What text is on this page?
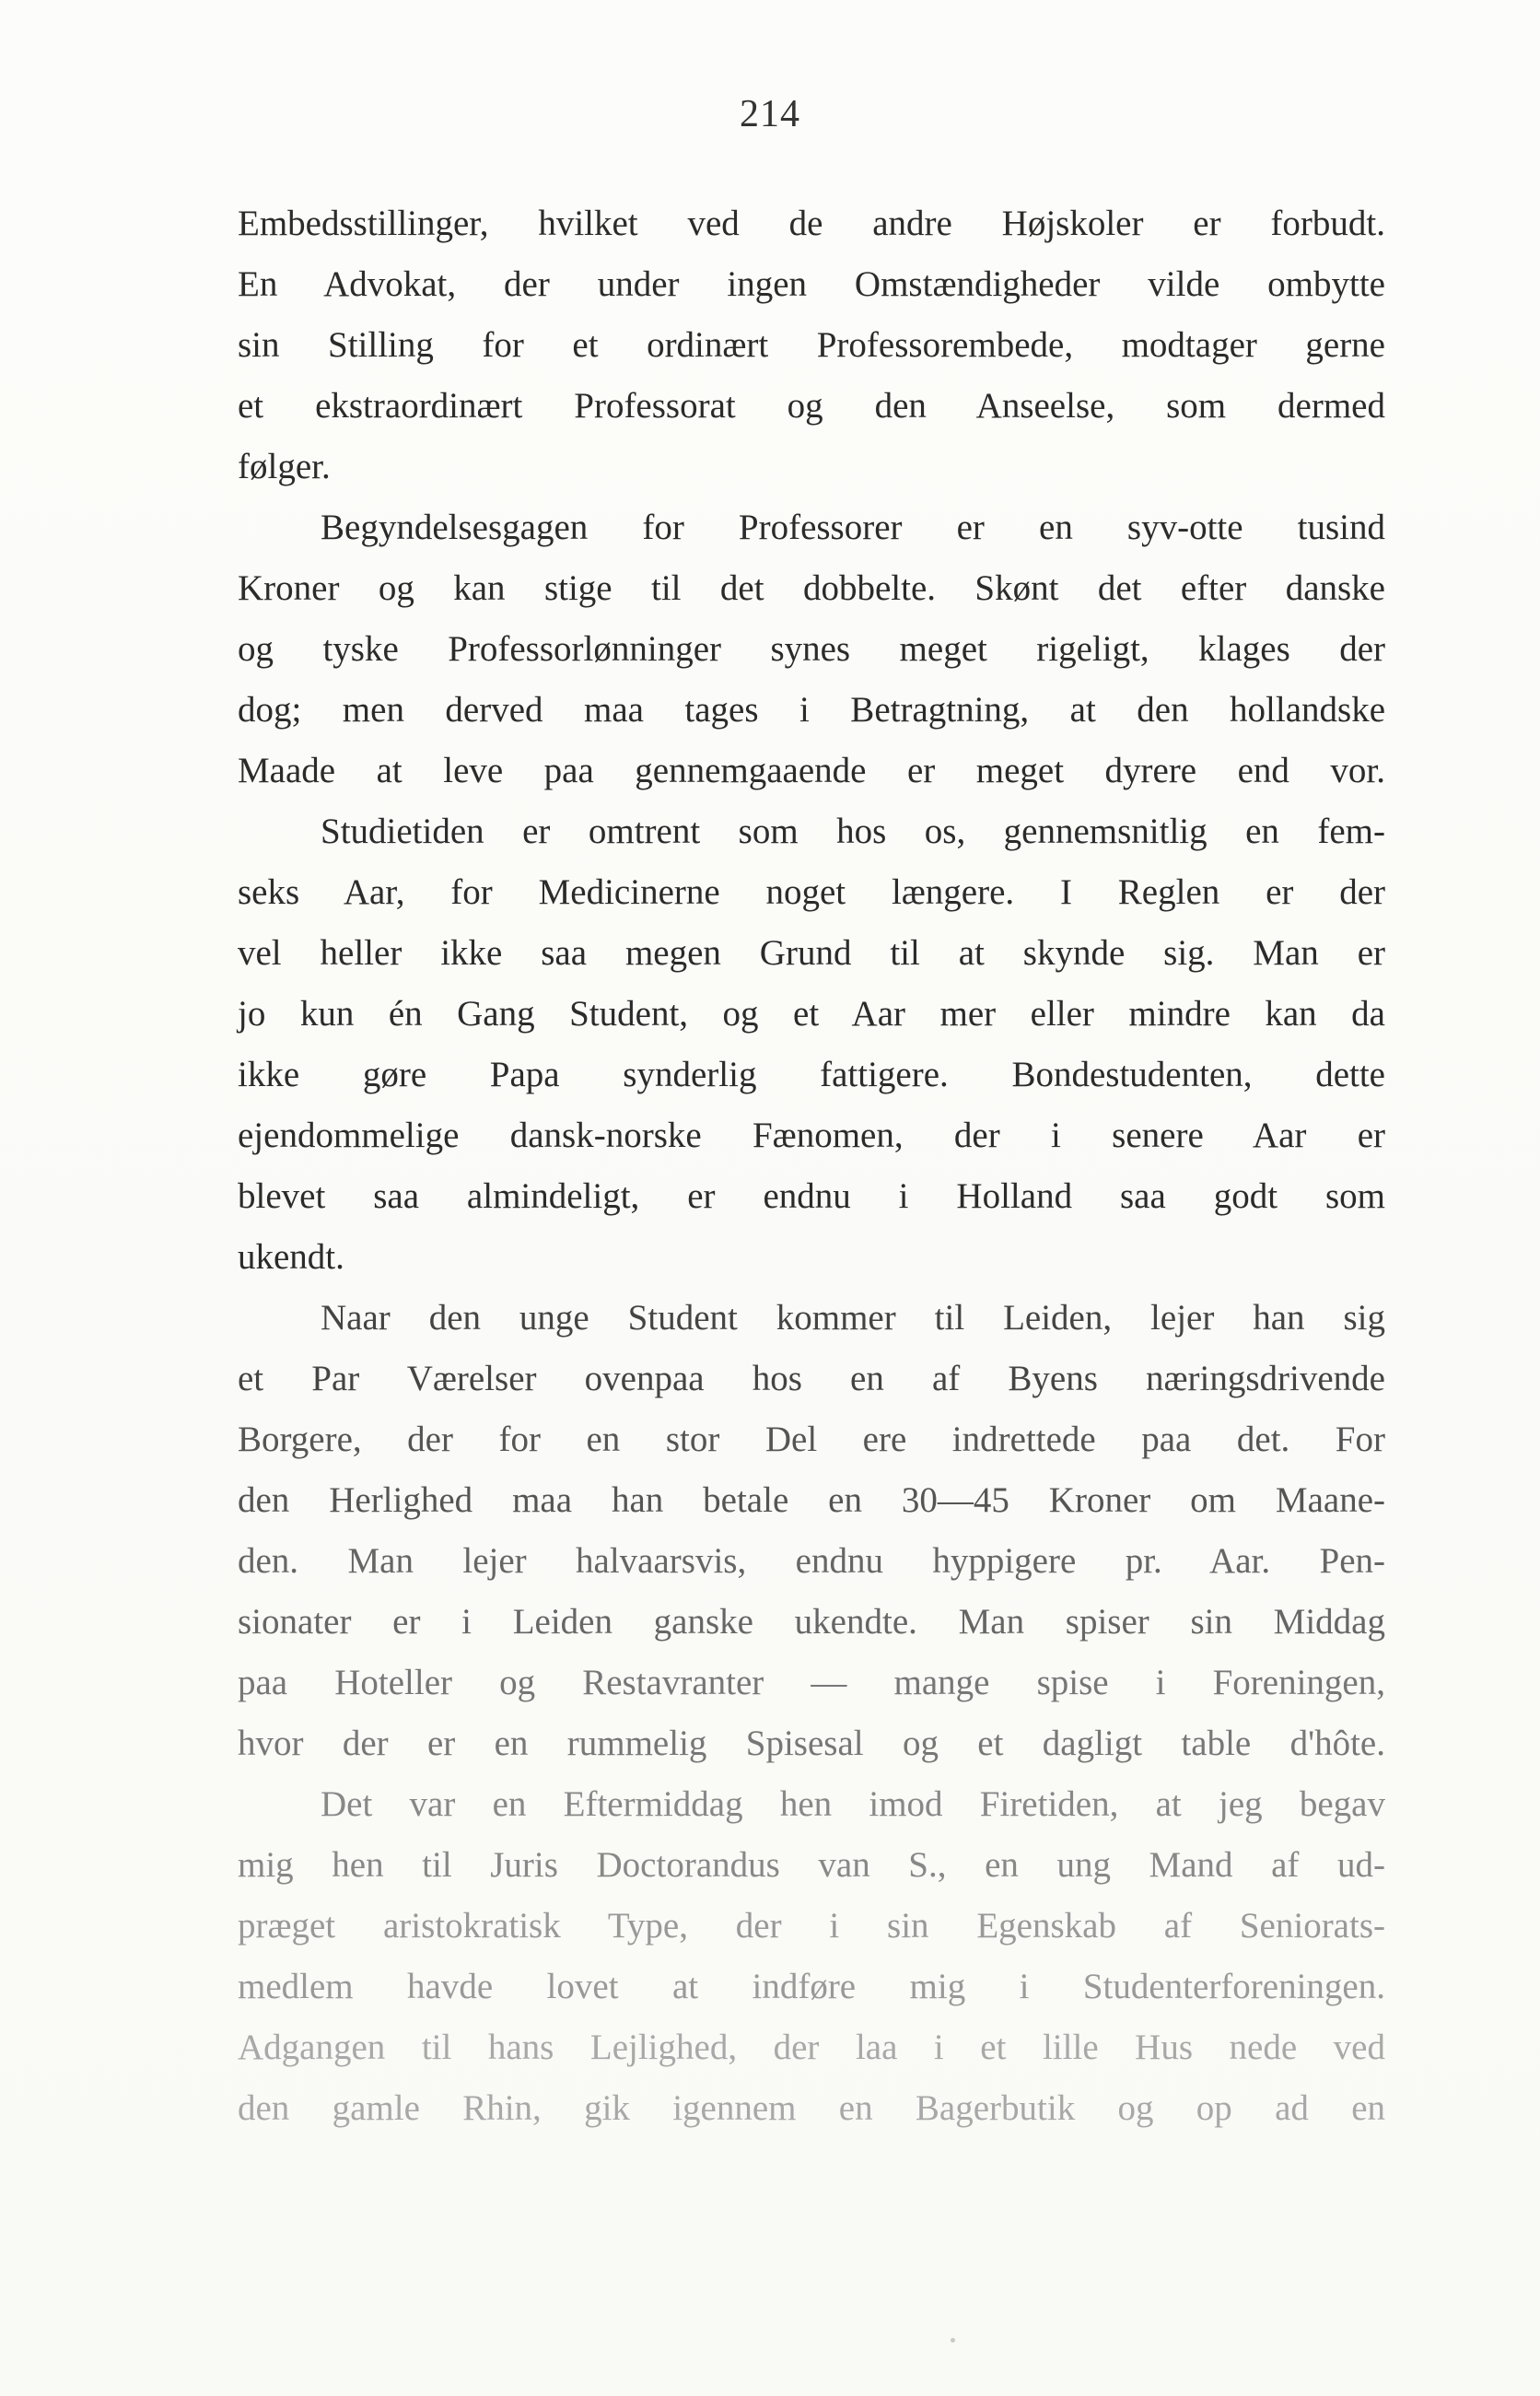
214
Embedsstillinger, hvilket ved de andre Højskoler er forbudt.
En Advokat, der under ingen Omstændigheder vilde ombytte
sin Stilling for et ordinært Professorembede, modtager gerne
et ekstraordinært Professorat og den Anseelse, som dermed
følger.
Begyndelsesgagen for Professorer er en syv-otte tusind
Kroner og kan stige til det dobbelte. Skønt det efter danske
og tyske Professorlønninger synes meget rigeligt, klages der
dog; men derved maa tages i Betragtning, at den hollandske
Maade at leve paa gennemgaaende er meget dyrere end vor.
Studietiden er omtrent som hos os, gennemsnitlig en fem-
seks Aar, for Medicinerne noget længere. I Reglen er der
vel heller ikke saa megen Grund til at skynde sig. Man er
jo kun én Gang Student, og et Aar mer eller mindre kan da
ikke gøre Papa synderlig fattigere. Bondestudenten, dette
ejendommelige dansk-norske Fænomen, der i senere Aar er
blevet saa almindeligt, er endnu i Holland saa godt som
ukendt.
Naar den unge Student kommer til Leiden, lejer han sig
et Par Værelser ovenpaa hos en af Byens næringsdrivende
Borgere, der for en stor Del ere indrettede paa det. For
den Herlighed maa han betale en 30—45 Kroner om Maane-
den. Man lejer halvaarsvis, endnu hyppigere pr. Aar. Pen-
sionater er i Leiden ganske ukendte. Man spiser sin Middag
paa Hoteller og Restavranter — mange spise i Foreningen,
hvor der er en rummelig Spisesal og et dagligt table d'hôte.
Det var en Eftermiddag hen imod Firetiden, at jeg begav
mig hen til Juris Doctorandus van S., en ung Mand af ud-
præget aristokratisk Type, der i sin Egenskab af Seniorats-
medlem havde lovet at indføre mig i Studenterforeningen.
Adgangen til hans Lejlighed, der laa i et lille Hus nede ved
den gamle Rhin, gik igennem en Bagerbutik og op ad en
